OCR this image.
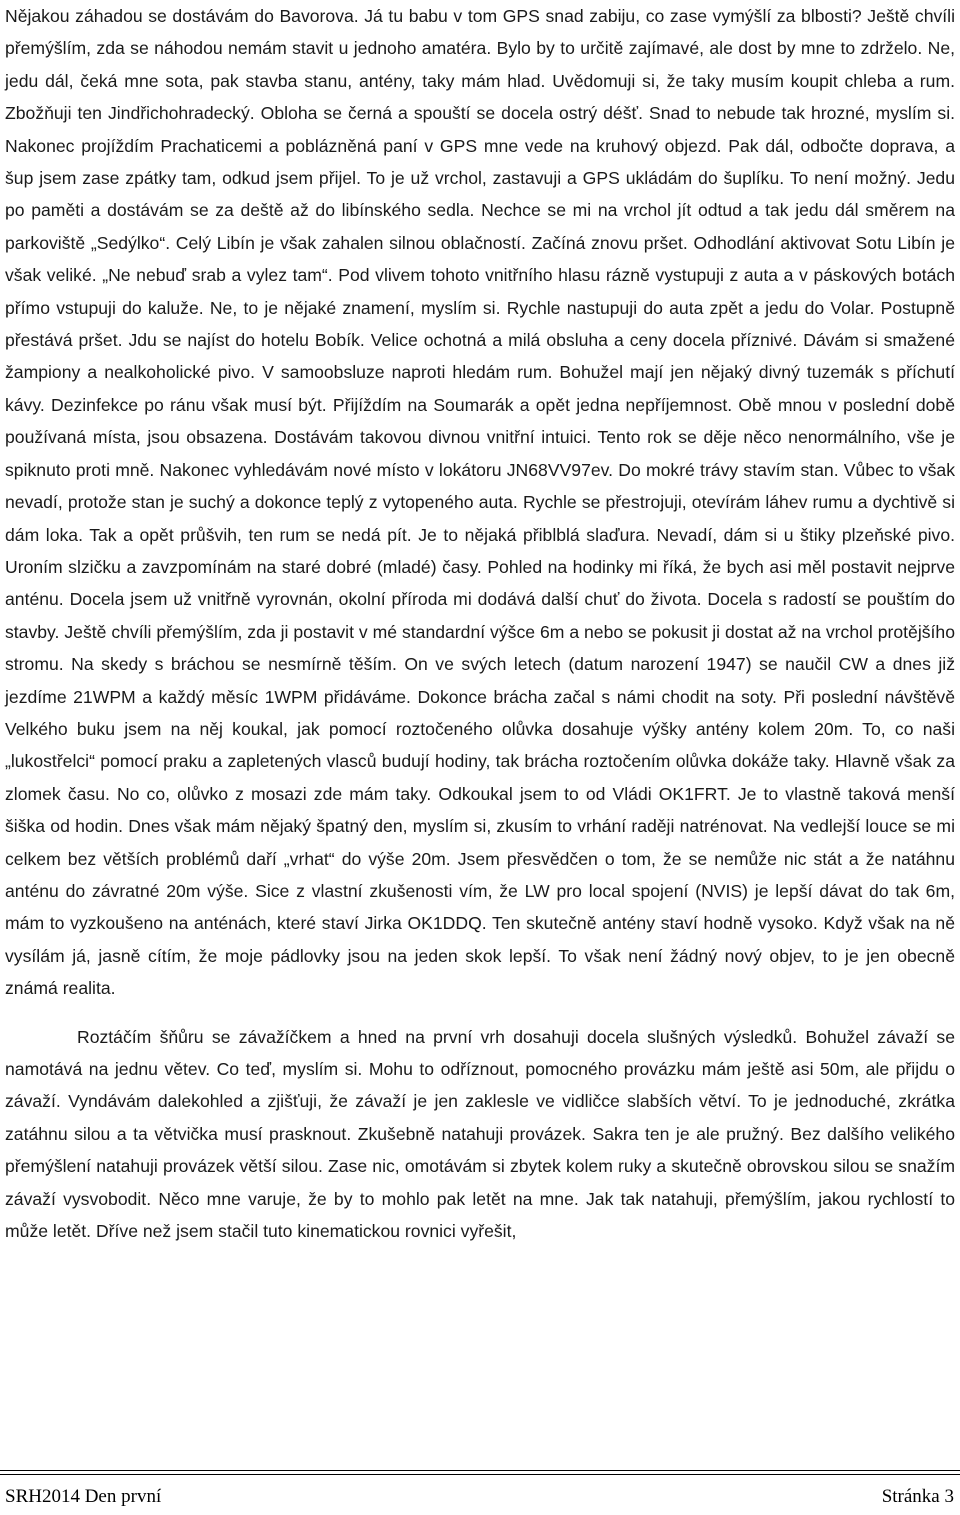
Nějakou záhadou se dostávám do Bavorova. Já tu babu v tom GPS snad zabiju, co zase vymýšlí za blbosti? Ještě chvíli přemýšlím, zda se náhodou nemám stavit u jednoho amatéra. Bylo by to určitě zajímavé, ale dost by mne to zdrželo. Ne, jedu dál, čeká mne sota, pak stavba stanu, antény, taky mám hlad. Uvědomuji si, že taky musím koupit chleba a rum. Zbožňuji ten Jindřichohradecký. Obloha se černá a spouští se docela ostrý déšť. Snad to nebude tak hrozné, myslím si. Nakonec projíždím Prachaticemi a poblázněná paní v GPS mne vede na kruhový objezd. Pak dál, odbočte doprava, a šup jsem zase zpátky tam, odkud jsem přijel. To je už vrchol, zastavuji a GPS ukládám do šuplíku. To není možný. Jedu po paměti a dostávám se za deště až do libínského sedla. Nechce se mi na vrchol jít odtud a tak jedu dál směrem na parkoviště „Sedýlko“. Celý Libín je však zahalen silnou oblačností. Začíná znovu pršet. Odhodlání aktivovat Sotu Libín je však veliké. „Ne nebuď srab a vylez tam“. Pod vlivem tohoto vnitřního hlasu rázně vystupuji z auta a v páskových botách přímo vstupuji do kaluže. Ne, to je nějaké znamení, myslím si. Rychle nastupuji do auta zpět a jedu do Volar. Postupně přestává pršet. Jdu se najíst do hotelu Bobík. Velice ochotná a milá obsluha a ceny docela příznivé. Dávám si smažené žampiony a nealkoholické pivo. V samoobsluze naproti hledám rum. Bohužel mají jen nějaký divný tuzemák s příchutí kávy. Dezinfekce po ránu však musí být. Přijíždím na Soumarák a opět jedna nepříjemnost. Obě mnou v poslední době používaná místa, jsou obsazena. Dostávám takovou divnou vnitřní intuici. Tento rok se děje něco nenormálního, vše je spiknuto proti mně. Nakonec vyhledávám nové místo v lokátoru JN68VV97ev. Do mokré trávy stavím stan. Vůbec to však nevadí, protože stan je suchý a dokonce teplý z vytopeného auta. Rychle se přestrojuji, otevírám láhev rumu a dychtivě si dám loka. Tak a opět průšvih, ten rum se nedá pít. Je to nějaká přiblblá slaďura. Nevadí, dám si u štiky plzeňské pivo. Uroním slzičku a zavzpomínám na staré dobré (mladé) časy. Pohled na hodinky mi říká, že bych asi měl postavit nejprve anténu. Docela jsem už vnitřně vyrovnán, okolní příroda mi dodává další chuť do života. Docela s radostí se pouštím do stavby. Ještě chvíli přemýšlím, zda ji postavit v mé standardní výšce 6m a nebo se pokusit ji dostat až na vrchol protějšího stromu. Na skedy s bráchou se nesmírně těším. On ve svých letech (datum narození 1947) se naučil CW a dnes již jezdíme 21WPM a každý měsíc 1WPM přidáváme. Dokonce brácha začal s námi chodit na soty. Při poslední návštěvě Velkého buku jsem na něj koukal, jak pomocí roztočeného olůvka dosahuje výšky antény kolem 20m. To, co naši „lukostřelci“ pomocí praku a zapletených vlasců budují hodiny, tak brácha roztočením olůvka dokáže taky. Hlavně však za zlomek času. No co, olůvko z mosazi zde mám taky. Odkoukal jsem to od Vládi OK1FRT. Je to vlastně taková menší šiška od hodin. Dnes však mám nějaký špatný den, myslím si, zkusím to vrhání raději natrénovat. Na vedlejší louce se mi celkem bez větších problémů daří „vrhat“ do výše 20m. Jsem přesvědčen o tom, že se nemůže nic stát a že natáhnu anténu do závratné 20m výše. Sice z vlastní zkušenosti vím, že LW pro local spojení (NVIS) je lepší dávat do tak 6m, mám to vyzkoušeno na anténách, které staví Jirka OK1DDQ. Ten skutečně antény staví hodně vysoko. Když však na ně vysílám já, jasně cítím, že moje pádlovky jsou na jeden skok lepší. To však není žádný nový objev, to je jen obecně známá realita.

Roztáčím šňůru se závažíčkem a hned na první vrh dosahuji docela slušných výsledků. Bohužel závaží se namotává na jednu větev. Co teď, myslím si. Mohu to odříznout, pomocného provázku mám ještě asi 50m, ale přijdu o závaží. Vyndávám dalekohled a zjišťuji, že závaží je jen zaklesle ve vidličce slabších větví. To je jednoduché, zkrátka zatáhnu silou a ta větvička musí prasknout. Zkušebně natahuji provázek. Sakra ten je ale pružný. Bez dalšího velikého přemýšlení natahuji provázek větší silou. Zase nic, omotávám si zbytek kolem ruky a skutečně obrovskou silou se snažím závaží vysvobodit. Něco mne varuje, že by to mohlo pak letět na mne. Jak tak natahuji, přemýšlím, jakou rychlostí to může letět. Dříve než jsem stačil tuto kinematickou rovnici vyřešit,

SRH2014 Den první	Stránka 3
